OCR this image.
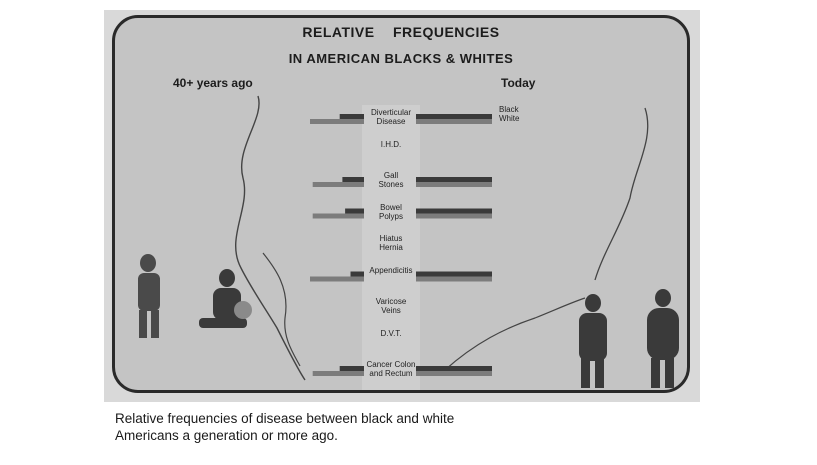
RELATIVE FREQUENCIES
IN AMERICAN BLACKS & WHITES
40+ years ago	Today
Black
White
Diverticular
Disease
I.H.D.
Gall
Stones
Bowel
Polyps
Hiatus
Hernia
Appendicitis
Varicose
Veins
D.V.T.
Cancer Colon
and Rectum
Relative frequencies of disease between black and white
Americans a generation or more ago.
